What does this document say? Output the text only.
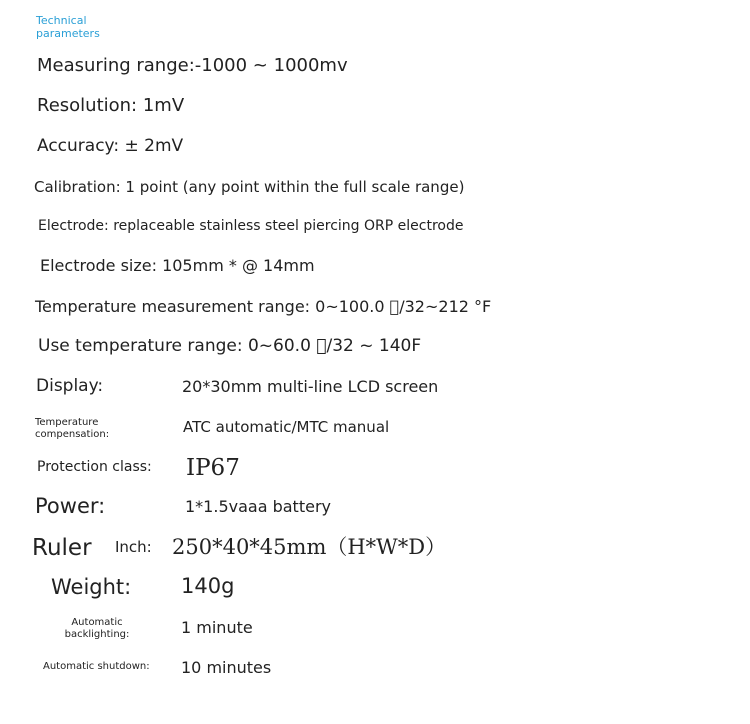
Technical parameters
Measuring range:-1000 ~ 1000mv
Resolution: 1mV
Accuracy: ± 2mV
Calibration: 1 point (any point within the full scale range)
Electrode: replaceable stainless steel piercing ORP electrode
Electrode size: 105mm * @ 14mm
Temperature measurement range: 0~100.0  /32~212 °F
Use temperature range: 0~60.0  /32 ~ 140F
Display:	20*30mm multi-line LCD screen
Temperature compensation:	ATC automatic/MTC manual
Protection class: IP67
Power:	1*1.5vaaa battery
Ruler Inch: 250*40*45mm（H*W*D）
Weight: 140g
Automatic backlighting:	1 minute
Automatic shutdown: 10 minutes
